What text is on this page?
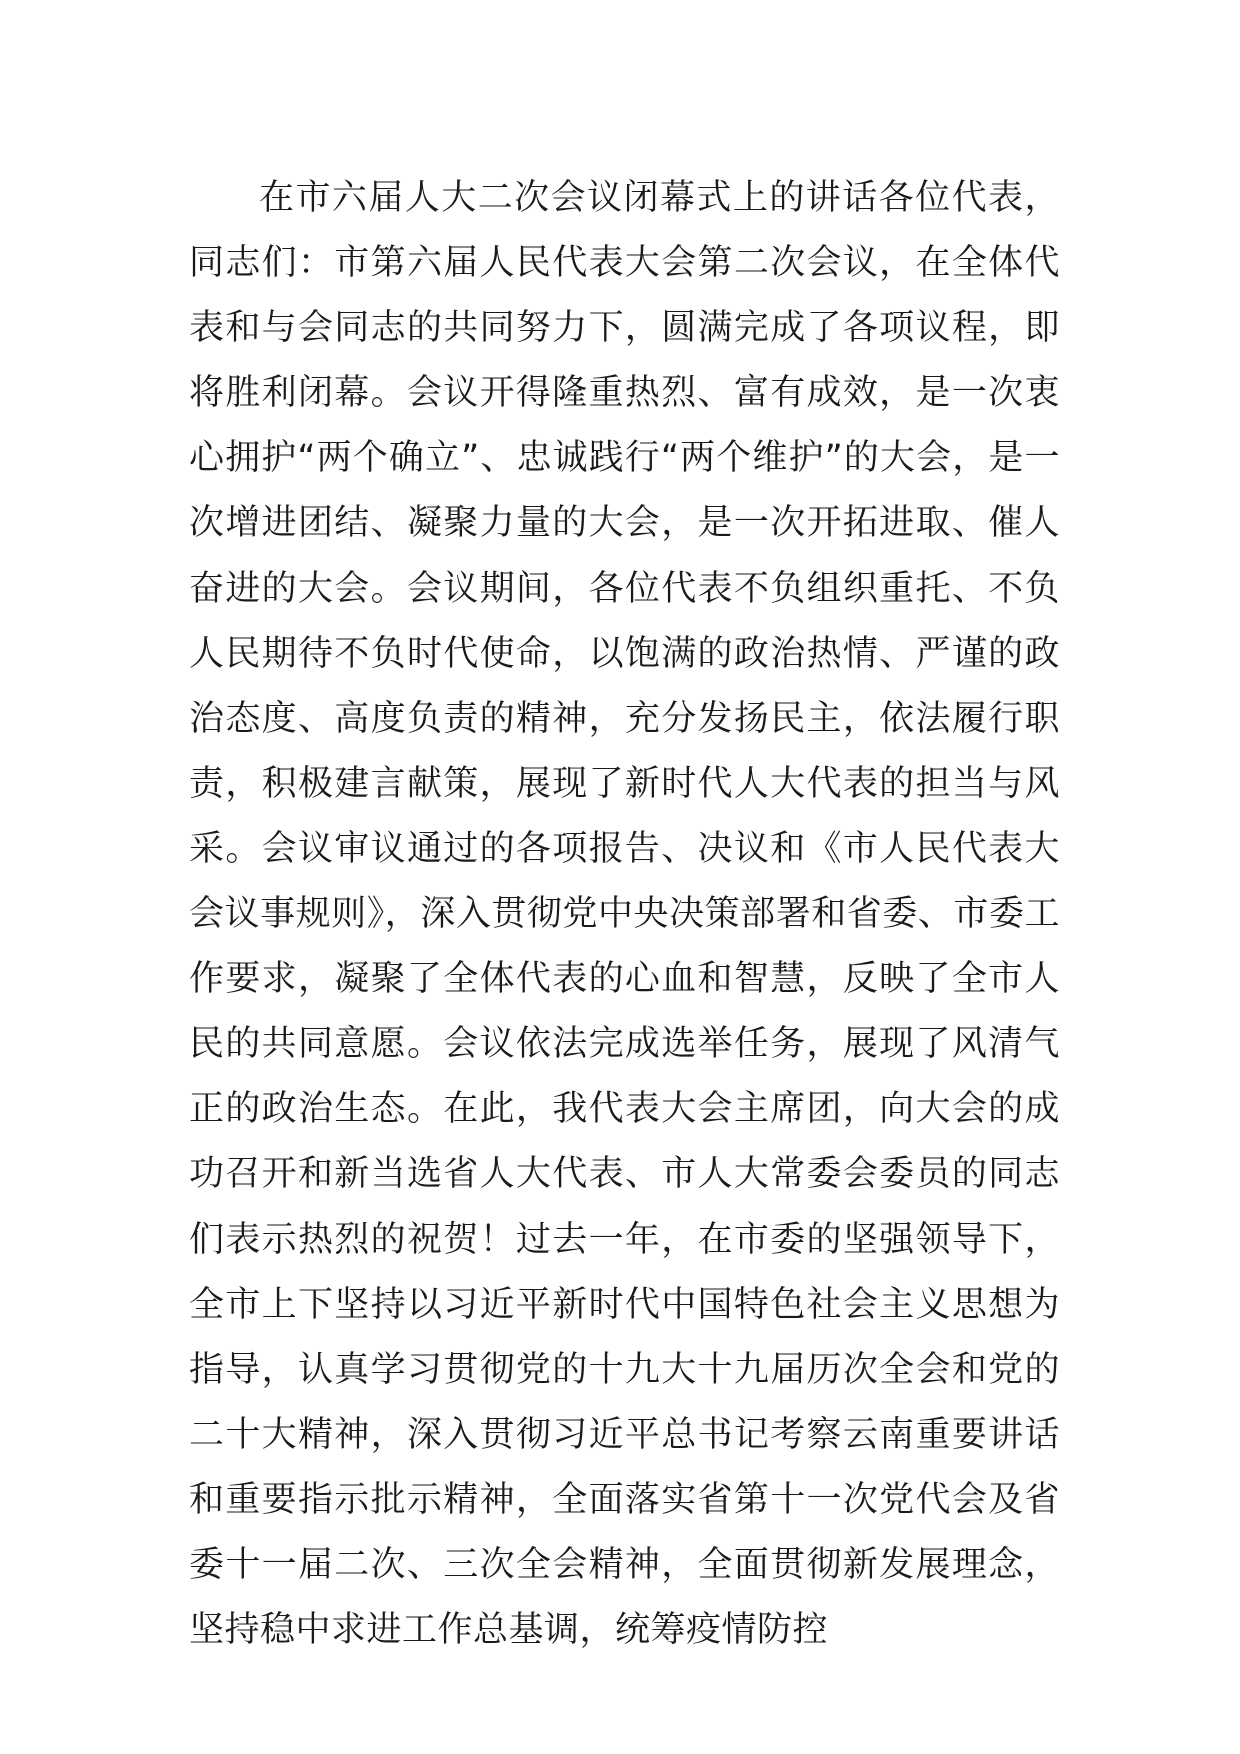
在市六届人大二次会议闭幕式上的讲话各位代表，同志们：市第六届人民代表大会第二次会议，在全体代表和与会同志的共同努力下，圆满完成了各项议程，即将胜利闭幕。会议开得隆重热烈、富有成效，是一次衷心拥护“两个确立”、忠诚践行“两个维护”的大会，是一次增进团结、凝聚力量的大会，是一次开拓进取、催人奋进的大会。会议期间，各位代表不负组织重托、不负人民期待不负时代使命，以饱满的政治热情、严谨的政治态度、高度负责的精神，充分发扬民主，依法履行职责，积极建言献策，展现了新时代人大代表的担当与风采。会议审议通过的各项报告、决议和《市人民代表大会议事规则》，深入贯彻党中央决策部署和省委、市委工作要求，凝聚了全体代表的心血和智慧，反映了全市人民的共同意愿。会议依法完成选举任务，展现了风清气正的政治生态。在此，我代表大会主席团，向大会的成功召开和新当选省人大代表、市人大常委会委员的同志们表示热烈的祝贺！过去一年，在市委的坚强领导下，全市上下坚持以习近平新时代中国特色社会主义思想为指导，认真学习贯彻党的十九大十九届历次全会和党的二十大精神，深入贯彻习近平总书记考察云南重要讲话和重要指示批示精神，全面落实省第十一次党代会及省委十一届二次、三次全会精神，全面贯彻新发展理念，坚持稳中求进工作总基调，统筹疫情防控
